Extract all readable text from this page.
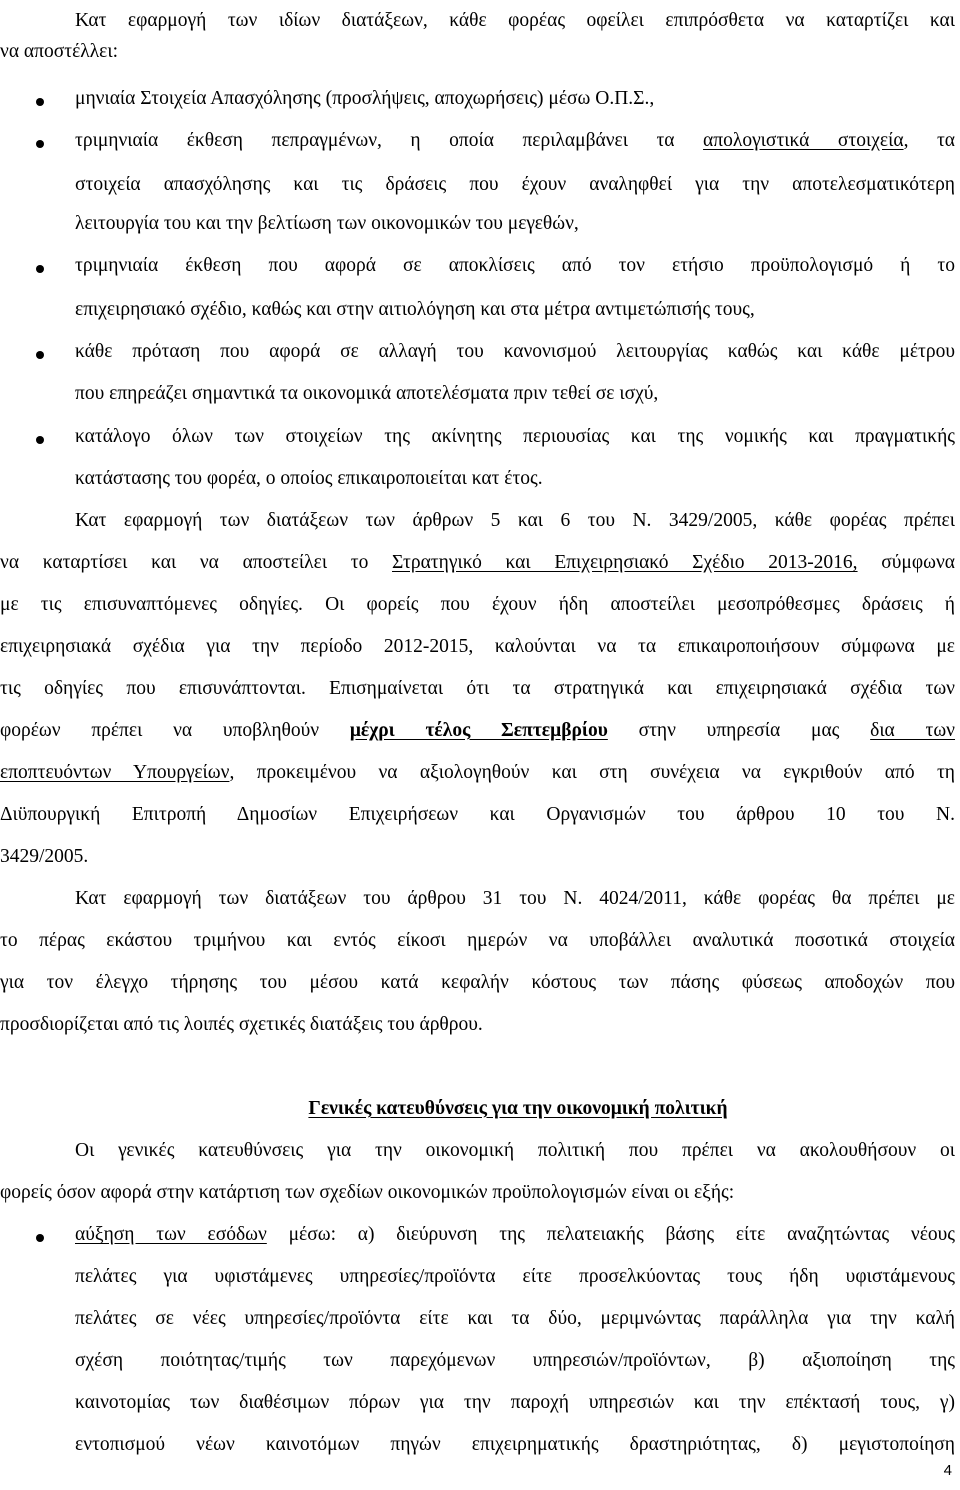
Κατ εφαρμογή των ιδίων διατάξεων, κάθε φορέας οφείλει επιπρόσθετα να καταρτίζει και
να αποστέλλει:
μηνιαία Στοιχεία Απασχόλησης (προσλήψεις, αποχωρήσεις) μέσω Ο.Π.Σ.,
τριμηνιαία έκθεση πεπραγμένων, η οποία περιλαμβάνει τα απολογιστικά στοιχεία, τα
στοιχεία απασχόλησης και τις δράσεις που έχουν αναληφθεί για την αποτελεσματικότερη
λειτουργία του και την βελτίωση των οικονομικών του μεγεθών,
τριμηνιαία έκθεση που αφορά σε αποκλίσεις από τον ετήσιο προϋπολογισμό ή το
επιχειρησιακό σχέδιο, καθώς και στην αιτιολόγηση και στα μέτρα αντιμετώπισής τους,
κάθε πρόταση που αφορά σε αλλαγή του κανονισμού λειτουργίας καθώς και κάθε μέτρου
που επηρεάζει σημαντικά τα οικονομικά αποτελέσματα πριν τεθεί σε ισχύ,
κατάλογο όλων των στοιχείων της ακίνητης περιουσίας και της νομικής και πραγματικής
κατάστασης του φορέα, ο οποίος επικαιροποιείται κατ έτος.
Κατ εφαρμογή των διατάξεων των άρθρων 5 και 6 του Ν. 3429/2005, κάθε φορέας πρέπει
να καταρτίσει και να αποστείλει το Στρατηγικό και Επιχειρησιακό Σχέδιο 2013-2016, σύμφωνα
με τις επισυναπτόμενες οδηγίες. Οι φορείς που έχουν ήδη αποστείλει μεσοπρόθεσμες δράσεις ή
επιχειρησιακά σχέδια για την περίοδο 2012-2015, καλούνται να τα επικαιροποιήσουν σύμφωνα με
τις οδηγίες που επισυνάπτονται. Επισημαίνεται ότι τα στρατηγικά και επιχειρησιακά σχέδια των
φορέων πρέπει να υποβληθούν μέχρι τέλος Σεπτεμβρίου στην υπηρεσία μας δια των
εποπτευόντων Υπουργείων, προκειμένου να αξιολογηθούν και στη συνέχεια να εγκριθούν από τη
Διϋπουργική Επιτροπή Δημοσίων Επιχειρήσεων και Οργανισμών του άρθρου 10 του Ν.
3429/2005.
Κατ εφαρμογή των διατάξεων του άρθρου 31 του Ν. 4024/2011, κάθε φορέας θα πρέπει με
το πέρας εκάστου τριμήνου και εντός είκοσι ημερών να υποβάλλει αναλυτικά ποσοτικά στοιχεία
για τον έλεγχο τήρησης του μέσου κατά κεφαλήν κόστους των πάσης φύσεως αποδοχών που
προσδιορίζεται από τις λοιπές σχετικές διατάξεις του άρθρου.
Γενικές κατευθύνσεις για την οικονομική πολιτική
Οι γενικές κατευθύνσεις για την οικονομική πολιτική που πρέπει να ακολουθήσουν οι
φορείς όσον αφορά στην κατάρτιση των σχεδίων οικονομικών προϋπολογισμών είναι οι εξής:
αύξηση των εσόδων μέσω: α) διεύρυνση της πελατειακής βάσης είτε αναζητώντας νέους
πελάτες για υφιστάμενες υπηρεσίες/προϊόντα είτε προσελκύοντας τους ήδη υφιστάμενους
πελάτες σε νέες υπηρεσίες/προϊόντα είτε και τα δύο, μεριμνώντας παράλληλα για την καλή
σχέση ποιότητας/τιμής των παρεχόμενων υπηρεσιών/προϊόντων, β) αξιοποίηση της
καινοτομίας των διαθέσιμων πόρων για την παροχή υπηρεσιών και την επέκτασή τους, γ)
εντοπισμού νέων καινοτόμων πηγών επιχειρηματικής δραστηριότητας, δ) μεγιστοποίηση
4
